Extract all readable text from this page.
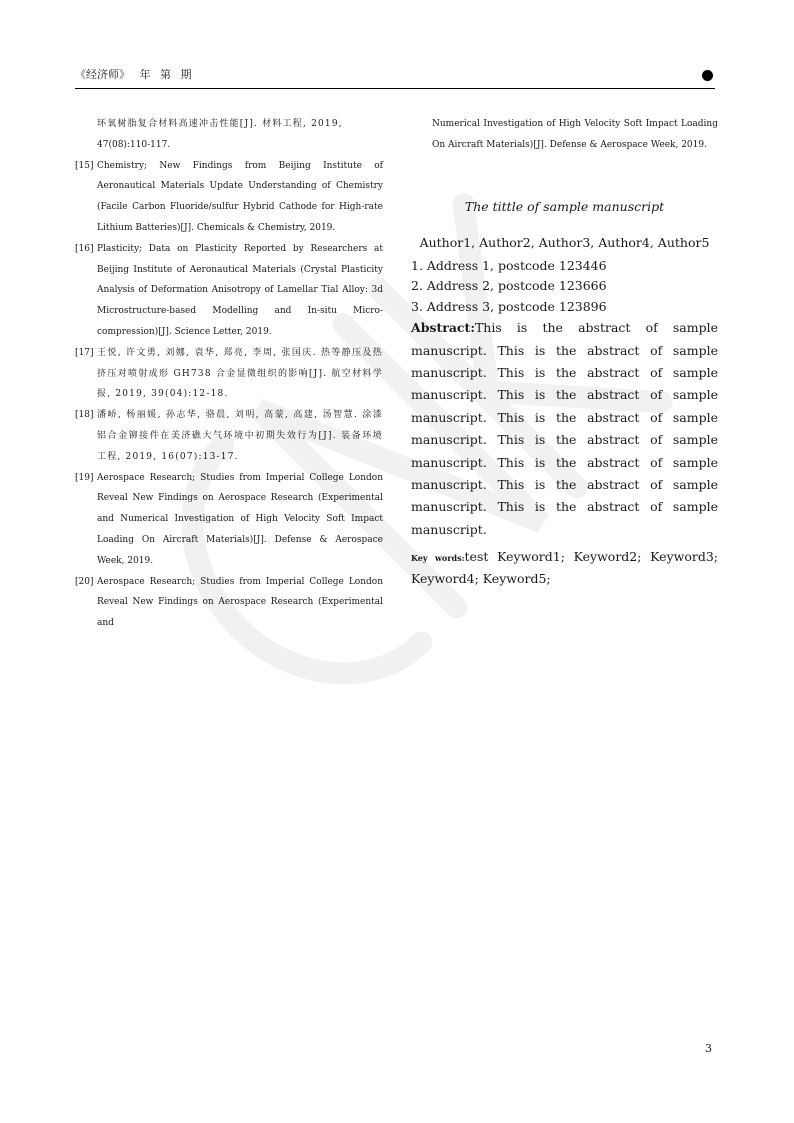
《经济师》 年 第 期
环氧树脂复合材料高速冲击性能[J]. 材料工程, 2019,
47(08):110-117.
[15] Chemistry; New Findings from Beijing Institute of Aeronautical Materials Update Understanding of Chemistry (Facile Carbon Fluoride/sulfur Hybrid Cathode for High-rate Lithium Batteries)[J]. Chemicals & Chemistry, 2019.
[16] Plasticity; Data on Plasticity Reported by Researchers at Beijing Institute of Aeronautical Materials (Crystal Plasticity Analysis of Deformation Anisotropy of Lamellar Tial Alloy: 3d Microstructure-based Modelling and In-situ Micro-compression)[J]. Science Letter, 2019.
[17] 王悦, 许文勇, 刘娜, 袁华, 郑亮, 李周, 张国庆. 热等静压及热挤压对喷射成形 GH738 合金显微组织的影响[J]. 航空材料学报, 2019, 39(04):12-18.
[18] 潘峤, 杨丽媛, 孙志华, 骆晨, 刘明, 高蒙, 高建, 汤智慧. 涂漆铝合金铆接件在美济礁大气环境中初期失效行为[J]. 装备环境工程, 2019, 16(07):13-17.
[19] Aerospace Research; Studies from Imperial College London Reveal New Findings on Aerospace Research (Experimental and Numerical Investigation of High Velocity Soft Impact Loading On Aircraft Materials)[J]. Defense & Aerospace Week, 2019.
[20] Aerospace Research; Studies from Imperial College London Reveal New Findings on Aerospace Research (Experimental and
Numerical Investigation of High Velocity Soft Impact Loading On Aircraft Materials)[J]. Defense & Aerospace Week, 2019.
The tittle of sample manuscript
Author1, Author2, Author3, Author4, Author5
1. Address 1, postcode 123446
2. Address 2, postcode 123666
3. Address 3, postcode 123896
Abstract:This is the abstract of sample manuscript. This is the abstract of sample manuscript. This is the abstract of sample manuscript. This is the abstract of sample manuscript. This is the abstract of sample manuscript. This is the abstract of sample manuscript. This is the abstract of sample manuscript. This is the abstract of sample manuscript. This is the abstract of sample manuscript.
Key words:test Keyword1; Keyword2; Keyword3; Keyword4; Keyword5;
3
